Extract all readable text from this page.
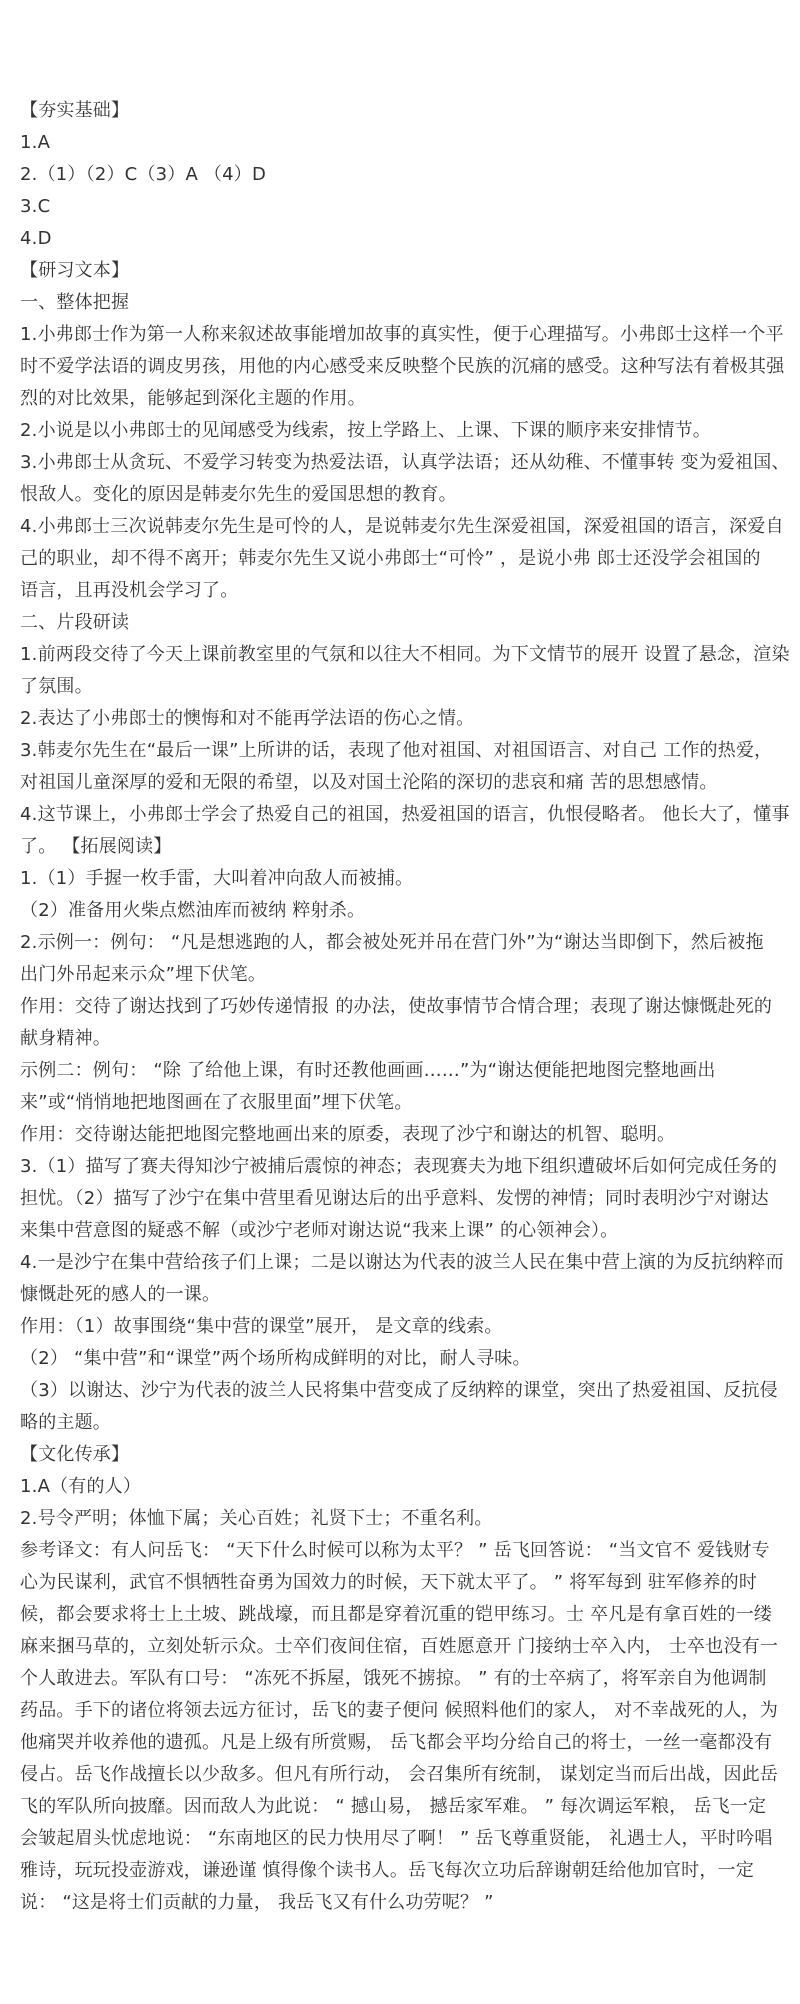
【夯实基础】
1.A
2.（1）（2）C（3）A （4）D
3.C
4.D
【研习文本】
一、整体把握
1.小弗郎士作为第一人称来叙述故事能增加故事的真实性，便于心理描写。小弗郎士这样一个平
时不爱学法语的调皮男孩，用他的内心感受来反映整个民族的沉痛的感受。这种写法有着极其强
烈的对比效果，能够起到深化主题的作用。
2.小说是以小弗郎士的见闻感受为线索，按上学路上、上课、下课的顺序来安排情节。
3.小弗郎士从贪玩、不爱学习转变为热爱法语，认真学法语；还从幼稚、不懂事转 变为爱祖国、
恨敌人。变化的原因是韩麦尔先生的爱国思想的教育。
4.小弗郎士三次说韩麦尔先生是可怜的人，是说韩麦尔先生深爱祖国，深爱祖国的语言，深爱自
己的职业，却不得不离开；韩麦尔先生又说小弗郎士“可怜” ，是说小弗 郎士还没学会祖国的
语言，且再没机会学习了。
二、片段研读
1.前两段交待了今天上课前教室里的气氛和以往大不相同。为下文情节的展开 设置了悬念，渲染
了氛围。
2.表达了小弗郎士的懊悔和对不能再学法语的伤心之情。
3.韩麦尔先生在“最后一课”上所讲的话，表现了他对祖国、对祖国语言、对自己 工作的热爱，
对祖国儿童深厚的爱和无限的希望，以及对国土沦陷的深切的悲哀和痛 苦的思想感情。
4.这节课上，小弗郎士学会了热爱自己的祖国，热爱祖国的语言，仇恨侵略者。 他长大了，懂事
了。 【拓展阅读】
1.（1）手握一枚手雷，大叫着冲向敌人而被捕。
（2）准备用火柴点燃油库而被纳 粹射杀。
2.示例一：例句： “凡是想逃跑的人，都会被处死并吊在营门外”为“谢达当即倒下，然后被拖
出门外吊起来示众”埋下伏笔。
作用：交待了谢达找到了巧妙传递情报 的办法，使故事情节合情合理；表现了谢达慷慨赴死的
献身精神。
示例二：例句： “除 了给他上课，有时还教他画画……”为“谢达便能把地图完整地画出
来”或“悄悄地把地图画在了衣服里面”埋下伏笔。
作用：交待谢达能把地图完整地画出来的原委，表现了沙宁和谢达的机智、聪明。
3.（1）描写了赛夫得知沙宁被捕后震惊的神态；表现赛夫为地下组织遭破坏后如何完成任务的
担忧。（2）描写了沙宁在集中营里看见谢达后的出乎意料、发愣的神情；同时表明沙宁对谢达
来集中营意图的疑惑不解（或沙宁老师对谢达说“我来上课” 的心领神会）。
4.一是沙宁在集中营给孩子们上课；二是以谢达为代表的波兰人民在集中营上演的为反抗纳粹而
慷慨赴死的感人的一课。
作用：（1）故事围绕“集中营的课堂”展开， 是文章的线索。
（2） “集中营”和“课堂”两个场所构成鲜明的对比，耐人寻味。
（3）以谢达、沙宁为代表的波兰人民将集中营变成了反纳粹的课堂，突出了热爱祖国、反抗侵
略的主题。
【文化传承】
1.A（有的人）
2.号令严明；体恤下属；关心百姓；礼贤下士；不重名利。
参考译文：有人问岳飞： “天下什么时候可以称为太平？ ” 岳飞回答说： “当文官不 爱钱财专
心为民谋利，武官不惧牺牲奋勇为国效力的时候，天下就太平了。 ” 将军每到 驻军修养的时
候，都会要求将士上土坡、跳战壕，而且都是穿着沉重的铠甲练习。士 卒凡是有拿百姓的一缕
麻来捆马草的，立刻处斩示众。士卒们夜间住宿，百姓愿意开 门接纳士卒入内， 士卒也没有一
个人敢进去。军队有口号： “冻死不拆屋，饿死不掳掠。 ” 有的士卒病了，将军亲自为他调制
药品。手下的诸位将领去远方征讨，岳飞的妻子便问 候照料他们的家人， 对不幸战死的人，为
他痛哭并收养他的遗孤。凡是上级有所赏赐， 岳飞都会平均分给自己的将士，一丝一毫都没有
侵占。岳飞作战擅长以少敌多。但凡有所行动， 会召集所有统制， 谋划定当而后出战，因此岳
飞的军队所向披靡。因而敌人为此说： “ 撼山易， 撼岳家军难。 ” 每次调运军粮， 岳飞一定
会皱起眉头忧虑地说： “东南地区的民力快用尽了啊！ ” 岳飞尊重贤能， 礼遇士人，平时吟唱
雅诗，玩玩投壶游戏，谦逊谨 慎得像个读书人。岳飞每次立功后辞谢朝廷给他加官时，一定
说： “这是将士们贡献的力量， 我岳飞又有什么功劳呢？ ”
